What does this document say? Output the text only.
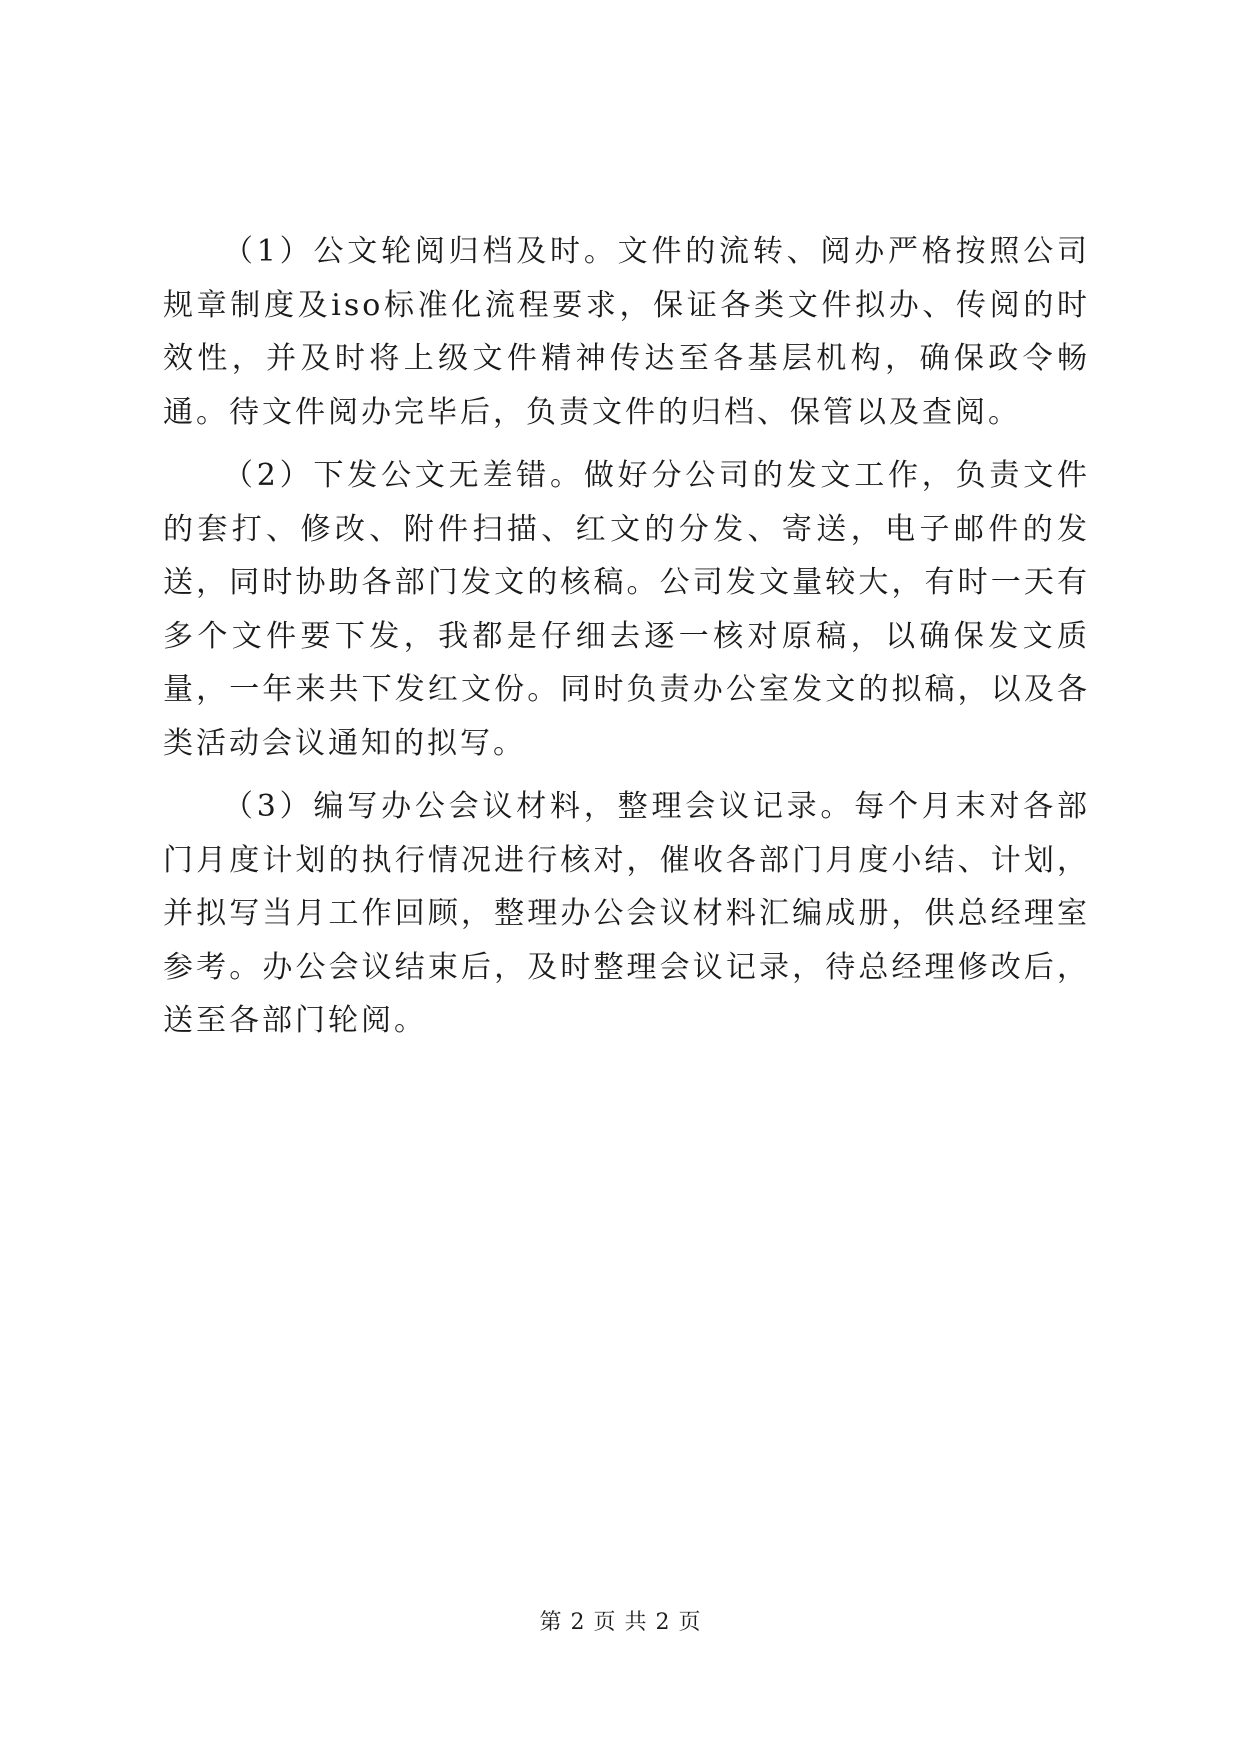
（1）公文轮阅归档及时。文件的流转、阅办严格按照公司规章制度及iso标准化流程要求，保证各类文件拟办、传阅的时效性，并及时将上级文件精神传达至各基层机构，确保政令畅通。待文件阅办完毕后，负责文件的归档、保管以及查阅。

（2）下发公文无差错。做好分公司的发文工作，负责文件的套打、修改、附件扫描、红文的分发、寄送，电子邮件的发送，同时协助各部门发文的核稿。公司发文量较大，有时一天有多个文件要下发，我都是仔细去逐一核对原稿，以确保发文质量，一年来共下发红文份。同时负责办公室发文的拟稿，以及各类活动会议通知的拟写。

（3）编写办公会议材料，整理会议记录。每个月末对各部门月度计划的执行情况进行核对，催收各部门月度小结、计划，并拟写当月工作回顾，整理办公会议材料汇编成册，供总经理室参考。办公会议结束后，及时整理会议记录，待总经理修改后，送至各部门轮阅。

第 2 页 共 2 页
